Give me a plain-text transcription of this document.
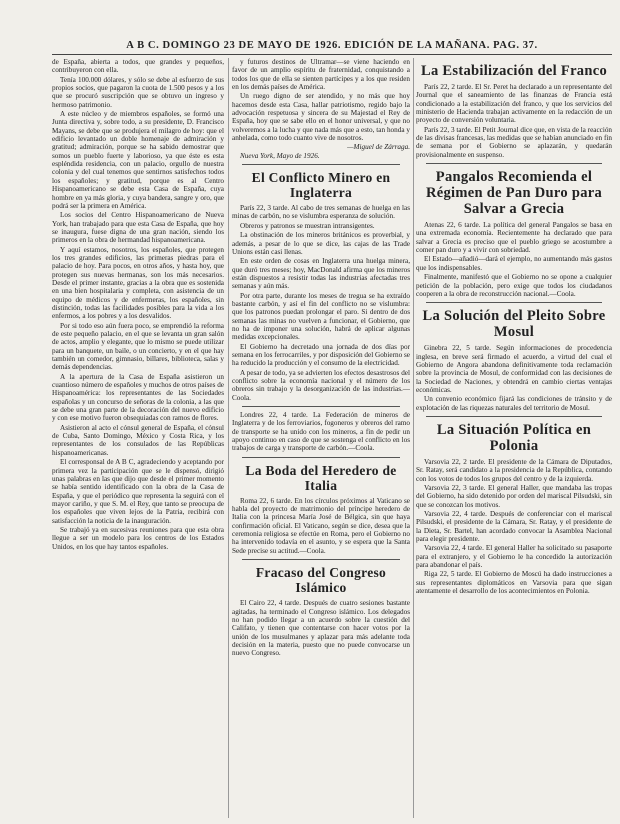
A B C. DOMINGO 23 DE MAYO DE 1926. EDICIÓN DE LA MAÑANA. PAG. 37.

de España, abierta a todos, que grandes y pequeños, contribuyeron con ella.

Tenía 100.000 dólares, y sólo se debe al esfuerzo de sus propios socios, que pagaron la cuota de 1.500 pesos y a los que se procuró suscripción que se obtuvo un ingreso y hermoso patrimonio.

A este núcleo y de miembros españoles, se formó una Junta directiva y, sobre todo, a su presidente, D. Francisco Mayans, se debe que se produjera el milagro de hoy: que el edificio levantado un doble homenaje de admiración y gratitud; admiración, porque se ha sabido demostrar que somos un pueblo fuerte y laborioso, ya que éste es esta espléndida residencia, con un palacio, orgullo de nuestra colonia y del cual tenemos que sentirnos satisfechos todos los españoles; y gratitud, porque es al Centro Hispanoamericano se debe esta Casa de España, cuya hombre en ya más gloria, y cuya bandera, sangre y oro, que podrá ser la primera en América.

Los socios del Centro Hispanoamericano de Nueva York, han trabajado para que esta Casa de España, que hoy se inaugura, fuese digna de una gran nación, siendo los primeros en la obra de hermandad hispanoamericana.

Y aquí estamos, nosotros, los españoles, que protegen los tres grandes edificios, las primeras piedras para el palacio de hoy. Para pocos, en otros años, y hasta hoy, que protegen sus nuevas hermanas, son los más necesarios. Desde el primer instante, gracias a la obra que es sostenida en una bien hospitalaria y completa, con asistencia de un equipo de médicos y de enfermeras, los españoles, sin distinción, todas las facilidades posibles para la vida a los enfermos, a los pobres y a los desvalidos.

Por si todo eso aún fuera poco, se emprendió la reforma de este pequeño palacio, en el que se levanta un gran salón de actos, amplio y elegante, que lo mismo se puede utilizar para un banquete, un baile, o un concierto, y en el que hay también un comedor, gimnasio, billares, biblioteca, salas y demás dependencias.

A la apertura de la Casa de España asistieron un cuantioso número de españoles y muchos de otros países de Hispanoamérica: los representantes de las Sociedades españolas y un concurso de señoras de la colonia, a las que se debe una gran parte de la decoración del nuevo edificio y con ese motivo fueron obsequiadas con ramos de flores.

Asistieron al acto el cónsul general de España, el cónsul de Cuba, Santo Domingo, México y Costa Rica, y los representantes de los consulados de las Repúblicas hispanoamericanas.

El corresponsal de A B C, agradeciendo y aceptando por primera vez la participación que se le dispensó, dirigió unas palabras en las que dijo que desde el primer momento se había sentido identificado con la obra de la Casa de España, y que el periódico que representa la seguirá con el mayor cariño, y que S. M. el Rey, que tanto se preocupa de los españoles que viven lejos de la Patria, recibirá con satisfacción la noticia de la inauguración.

Se trabajó ya en sucesivas reuniones para que esta obra llegue a ser un modelo para los centros de los Estados Unidos, en los que hay tantos españoles.

y futuros destinos de Ultramar—se viene haciendo en favor de un amplio espíritu de fraternidad, conquistando a todos los que de ella se sienten partícipes y a los que residen en los demás países de América.

Un ruego digno de ser atendido, y no más que hoy hacemos desde esta Casa, hallar patriotismo, regido bajo la advocación respetuosa y sincera de su Majestad el Rey de España, hoy que se sabe ello en el honor universal, y que no volveremos a la lucha y que nada más que a esto, tan honda y anhelada, como todo cuanto vive de nosotros.

—Miguel de Zárraga.

Nueva York, Mayo de 1926.

El Conflicto Minero en Inglaterra

París 22, 3 tarde. Al cabo de tres semanas de huelga en las minas de carbón, no se vislumbra esperanza de solución.

Obreros y patronos se muestran intransigentes.

La obstinación de los mineros británicos es proverbial, y además, a pesar de lo que se dice, las cajas de las Trade Unions están casi llenas.

En este orden de cosas en Inglaterra una huelga minera, que duró tres meses; hoy, MacDonald afirma que los mineros están dispuestos a resistir todas las industrias afectadas tres semanas y aún más.

Por otra parte, durante los meses de tregua se ha extraído bastante carbón, y así el fin del conflicto no se vislumbra: que los patronos puedan prolongar el paro. Si dentro de dos semanas las minas no vuelven a funcionar, el Gobierno, que no ha de imponer una solución, habrá de aplicar algunas medidas excepcionales.

El Gobierno ha decretado una jornada de dos días por semana en los ferrocarriles, y por disposición del Gobierno se ha reducido la producción y el consumo de la electricidad.

A pesar de todo, ya se advierten los efectos desastrosos del conflicto sobre la economía nacional y el número de los obreros sin trabajo y la desorganización de las industrias.—Coola.

Londres 22, 4 tarde. La Federación de mineros de Inglaterra y de los ferroviarios, fogoneros y obreros del ramo de transporte se ha unido con los mineros, a fin de pedir un apoyo continuo en caso de que se sostenga el conflicto en los trabajos de carga y transporte de carbón.—Coola.

La Boda del Heredero de Italia

Roma 22, 6 tarde. En los círculos próximos al Vaticano se habla del proyecto de matrimonio del príncipe heredero de Italia con la princesa María José de Bélgica, sin que haya confirmación oficial. El Vaticano, según se dice, desea que la ceremonia religiosa se efectúe en Roma, pero el Gobierno no ha intervenido todavía en el asunto, y se espera que la Santa Sede precise su actitud.—Coola.

Fracaso del Congreso Islámico

El Cairo 22, 4 tarde. Después de cuatro sesiones bastante agitadas, ha terminado el Congreso islámico. Los delegados no han podido llegar a un acuerdo sobre la cuestión del Califato, y tienen que contentarse con hacer votos por la unión de los musulmanes y aplazar para más adelante toda decisión en la materia, puesto que no puede convocarse un nuevo Congreso.

La Estabilización del Franco

París 22, 2 tarde. El Sr. Peret ha declarado a un representante del Journal que el saneamiento de las finanzas de Francia está condicionado a la estabilización del franco, y que los servicios del ministerio de Hacienda trabajan activamente en la redacción de un proyecto de conversión voluntaria.

París 22, 3 tarde. El Petit Journal dice que, en vista de la reacción de las divisas francesas, las medidas que se habían anunciado en fin de semana por el Gobierno se aplazarán, y quedarán provisionalmente en suspenso.

Pangalos Recomienda el Régimen de Pan Duro para Salvar a Grecia

Atenas 22, 6 tarde. La política del general Pangalos se basa en una extremada economía. Recientemente ha declarado que para salvar a Grecia es preciso que el pueblo griego se acostumbre a comer pan duro y a vivir con sobriedad.

El Estado—añadió—dará el ejemplo, no aumentando más gastos que los indispensables.

Finalmente, manifestó que el Gobierno no se opone a cualquier petición de la población, pero exige que todos los ciudadanos cooperen a la obra de reconstrucción nacional.—Coola.

La Solución del Pleito Sobre Mosul

Ginebra 22, 5 tarde. Según informaciones de procedencia inglesa, en breve será firmado el acuerdo, a virtud del cual el Gobierno de Angora abandona definitivamente toda reclamación sobre la provincia de Mosul, de conformidad con las decisiones de la Sociedad de Naciones, y obtendrá en cambio ciertas ventajas económicas.

Un convenio económico fijará las condiciones de tránsito y de explotación de las riquezas naturales del territorio de Mosul.

La Situación Política en Polonia

Varsovia 22, 2 tarde. El presidente de la Cámara de Diputados, Sr. Ratay, será candidato a la presidencia de la República, contando con los votos de todos los grupos del centro y de la izquierda.

Varsovia 22, 3 tarde. El general Haller, que mandaba las tropas del Gobierno, ha sido detenido por orden del mariscal Pilsudski, sin que se conozcan los motivos.

Varsovia 22, 4 tarde. Después de conferenciar con el mariscal Pilsudski, el presidente de la Cámara, Sr. Ratay, y el presidente de la Dieta, Sr. Bartel, han acordado convocar la Asamblea Nacional para elegir presidente.

Varsovia 22, 4 tarde. El general Haller ha solicitado su pasaporte para el extranjero, y el Gobierno le ha concedido la autorización para abandonar el país.

Riga 22, 5 tarde. El Gobierno de Moscú ha dado instrucciones a sus representantes diplomáticos en Varsovia para que sigan atentamente el desarrollo de los acontecimientos en Polonia.
